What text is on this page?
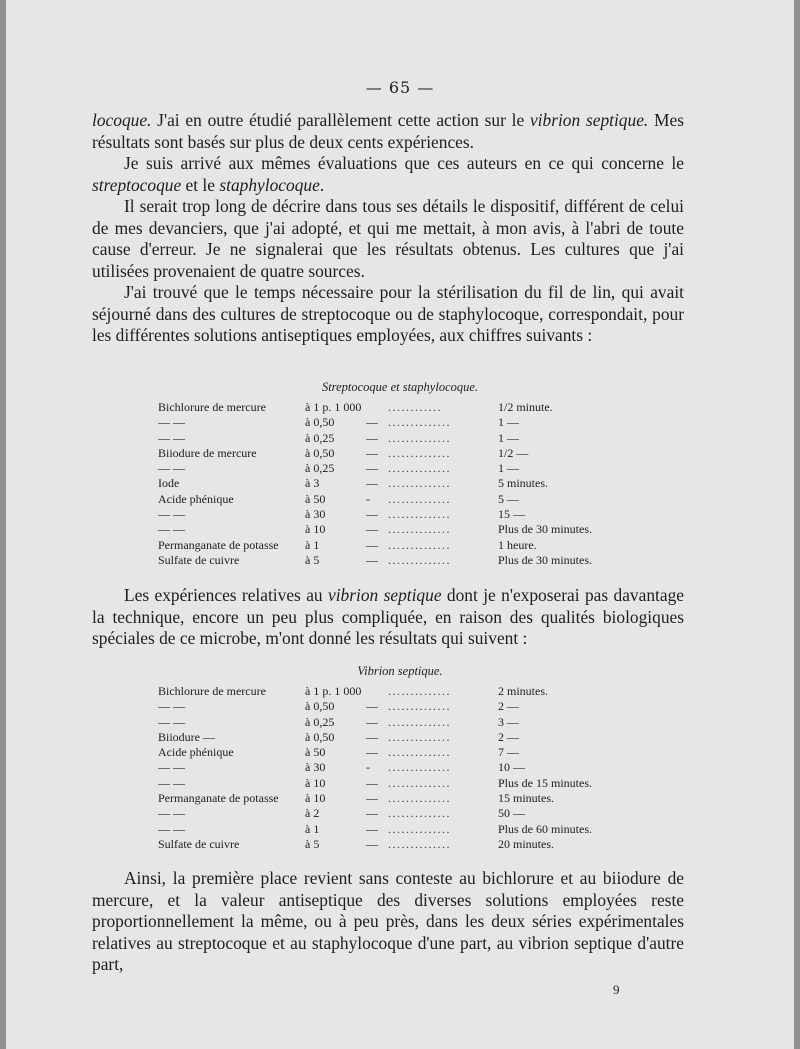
— 65 —

locoque. J'ai en outre étudié parallèlement cette action sur le vibrion septique. Mes résultats sont basés sur plus de deux cents expériences.

Je suis arrivé aux mêmes évaluations que ces auteurs en ce qui concerne le streptocoque et le staphylocoque.

Il serait trop long de décrire dans tous ses détails le dispositif, différent de celui de mes devanciers, que j'ai adopté, et qui me mettait, à mon avis, à l'abri de toute cause d'erreur. Je ne signalerai que les résultats obtenus. Les cultures que j'ai utilisées provenaient de quatre sources.

J'ai trouvé que le temps nécessaire pour la stérilisation du fil de lin, qui avait séjourné dans des cultures de streptocoque ou de staphylocoque, correspondait, pour les différentes solutions antiseptiques employées, aux chiffres suivants :

Streptocoque et staphylocoque.
Bichlorure de mercure	à 1 p. 1 000 ............	1/2 minute.
— —	à 0,50	— ..............	1 —
— —	à 0,25	— ..............	1 —
Biiodure de mercure	à 0,50	— ..............	1/2 —
— —	à 0,25	— ..............	1 —
Iode	à 3	— ..............	5 minutes.
Acide phénique	à 50	- ..............	5 —
— —	à 30	— ..............	15 —
— —	à 10	— ..............	Plus de 30 minutes.
Permanganate de potasse à 1	— ..............	1 heure.
Sulfate de cuivre	à 5	— ..............	Plus de 30 minutes.

Les expériences relatives au vibrion septique dont je n'exposerai pas davantage la technique, encore un peu plus compliquée, en raison des qualités biologiques spéciales de ce microbe, m'ont donné les résultats qui suivent :

Vibrion septique.
Bichlorure de mercure	à 1 p. 1 000 ..............	2 minutes.
— —	à 0,50	— ..............	2 —
— —	à 0,25	— ..............	3 —
Biiodure —	à 0,50	— ..............	2 —
Acide phénique	à 50	— ..............	7 —
— —	à 30	- ..............	10 —
— —	à 10	— ..............	Plus de 15 minutes.
Permanganate de potasse à 10	— ..............	15 minutes.
— —	à 2	— ..............	50 —
— —	à 1	— ..............	Plus de 60 minutes.
Sulfate de cuivre	à 5	— ..............	20 minutes.

Ainsi, la première place revient sans conteste au bichlorure et au biiodure de mercure, et la valeur antiseptique des diverses solutions employées reste proportionnellement la même, ou à peu près, dans les deux séries expérimentales relatives au streptocoque et au staphylocoque d'une part, au vibrion septique d'autre part,

9
